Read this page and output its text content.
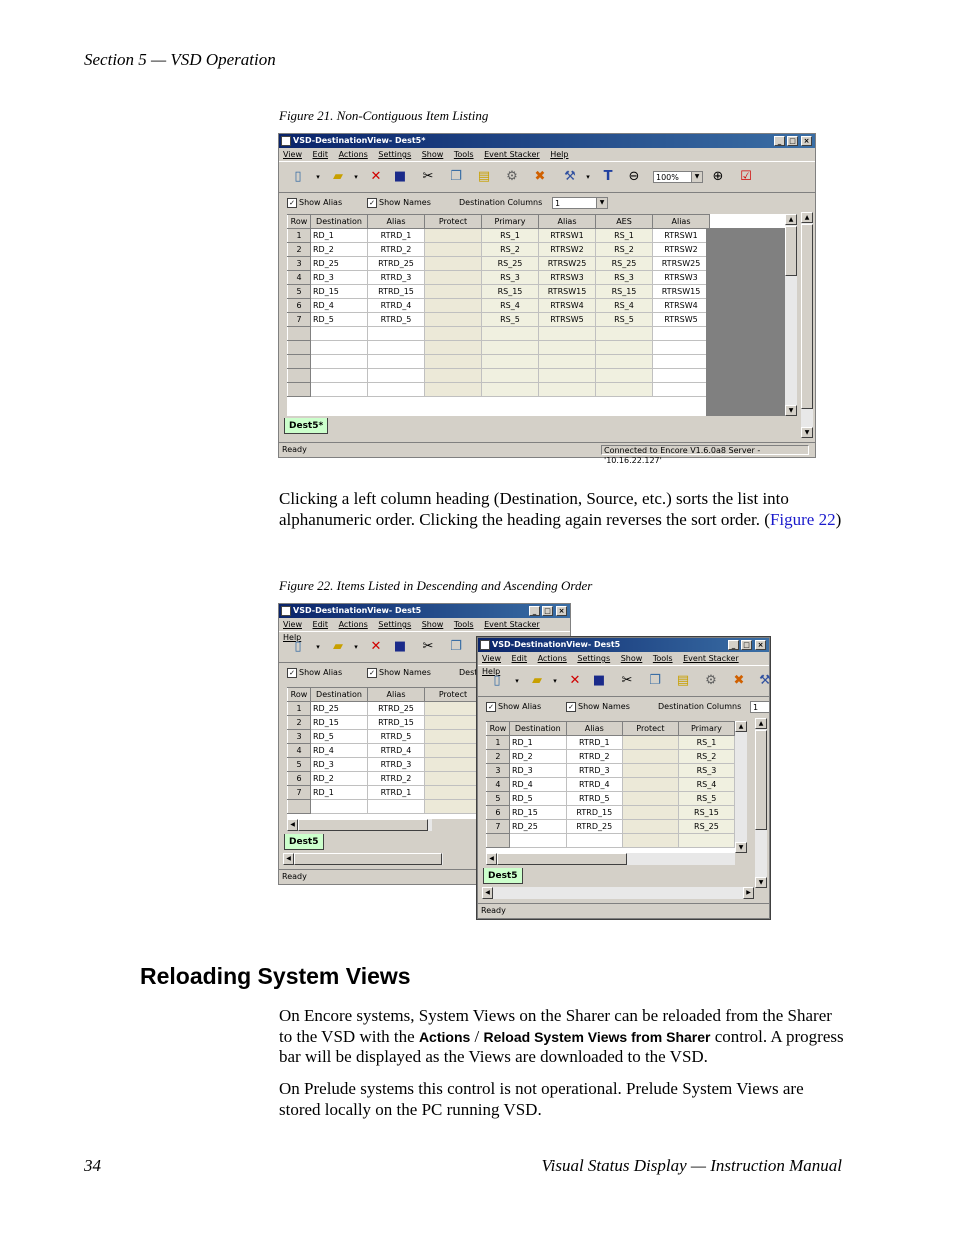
Section 5 — VSD Operation
Figure 21. Non-Contiguous Item Listing
VSD-DestinationView- Dest5*	_	□	×
View Edit Actions Settings Show Tools Event Stacker Help
▯	▾	▰	▾ ✕ ■ ✂ ❐ ▤ ⚙ ✖ ⚒	▾	T	⊖	100%	▼ ⊕ ☑
✓ Show Alias	✓ Show Names	Destination Columns	1	▼
Row	Destination	Alias	Protect	Primary	Alias	AES	Alias
1	RD_1	RTRD_1		RS_1	RTRSW1	RS_1	RTRSW1
2	RD_2	RTRD_2		RS_2	RTRSW2	RS_2	RTRSW2
3	RD_25	RTRD_25		RS_25	RTRSW25	RS_25	RTRSW25
4	RD_3	RTRD_3		RS_3	RTRSW3	RS_3	RTRSW3
5	RD_15	RTRD_15		RS_15	RTRSW15	RS_15	RTRSW15
6	RD_4	RTRD_4		RS_4	RTRSW4	RS_4	RTRSW4
7	RD_5	RTRD_5		RS_5	RTRSW5	RS_5	RTRSW5

▲
▼
▲
▼
Dest5*
Ready	Connected to Encore V1.6.0a8 Server - '10.16.22.127'
Clicking a left column heading (Destination, Source, etc.) sorts the list into alphanumeric order. Clicking the heading again reverses the sort order. (Figure 22)
Figure 22. Items Listed in Descending and Ascending Order
VSD-DestinationView- Dest5	_	□	×
View Edit Actions Settings Show Tools Event Stacker Help
▯	▾	▰	▾ ✕ ■ ✂ ❐
✓ Show Alias	✓ Show Names	Dest
Row	Destination	Alias	Protect
1	RD_25	RTRD_25	
2	RD_15	RTRD_15	
3	RD_5	RTRD_5	
4	RD_4	RTRD_4	
5	RD_3	RTRD_3	
6	RD_2	RTRD_2	
7	RD_1	RTRD_1	

◀
Dest5
◀
Ready
VSD-DestinationView- Dest5	_	□	×
View Edit Actions Settings Show Tools Event Stacker Help
▯	▾	▰	▾ ✕ ■ ✂ ❐ ▤ ⚙ ✖ ⚒
✓ Show Alias	✓ Show Names	Destination Columns	1
Row	Destination	Alias	Protect	Primary
1	RD_1	RTRD_1		RS_1
2	RD_2	RTRD_2		RS_2
3	RD_3	RTRD_3		RS_3
4	RD_4	RTRD_4		RS_4
5	RD_5	RTRD_5		RS_5
6	RD_15	RTRD_15		RS_15
7	RD_25	RTRD_25		RS_25

▲
▼
▲
▼
◀
Dest5
◀	▶
Ready
Reloading System Views
On Encore systems, System Views on the Sharer can be reloaded from the Sharer to the VSD with the Actions / Reload System Views from Sharer control. A progress bar will be displayed as the Views are downloaded to the VSD.
On Prelude systems this control is not operational. Prelude System Views are stored locally on the PC running VSD.
34	Visual Status Display — Instruction Manual
